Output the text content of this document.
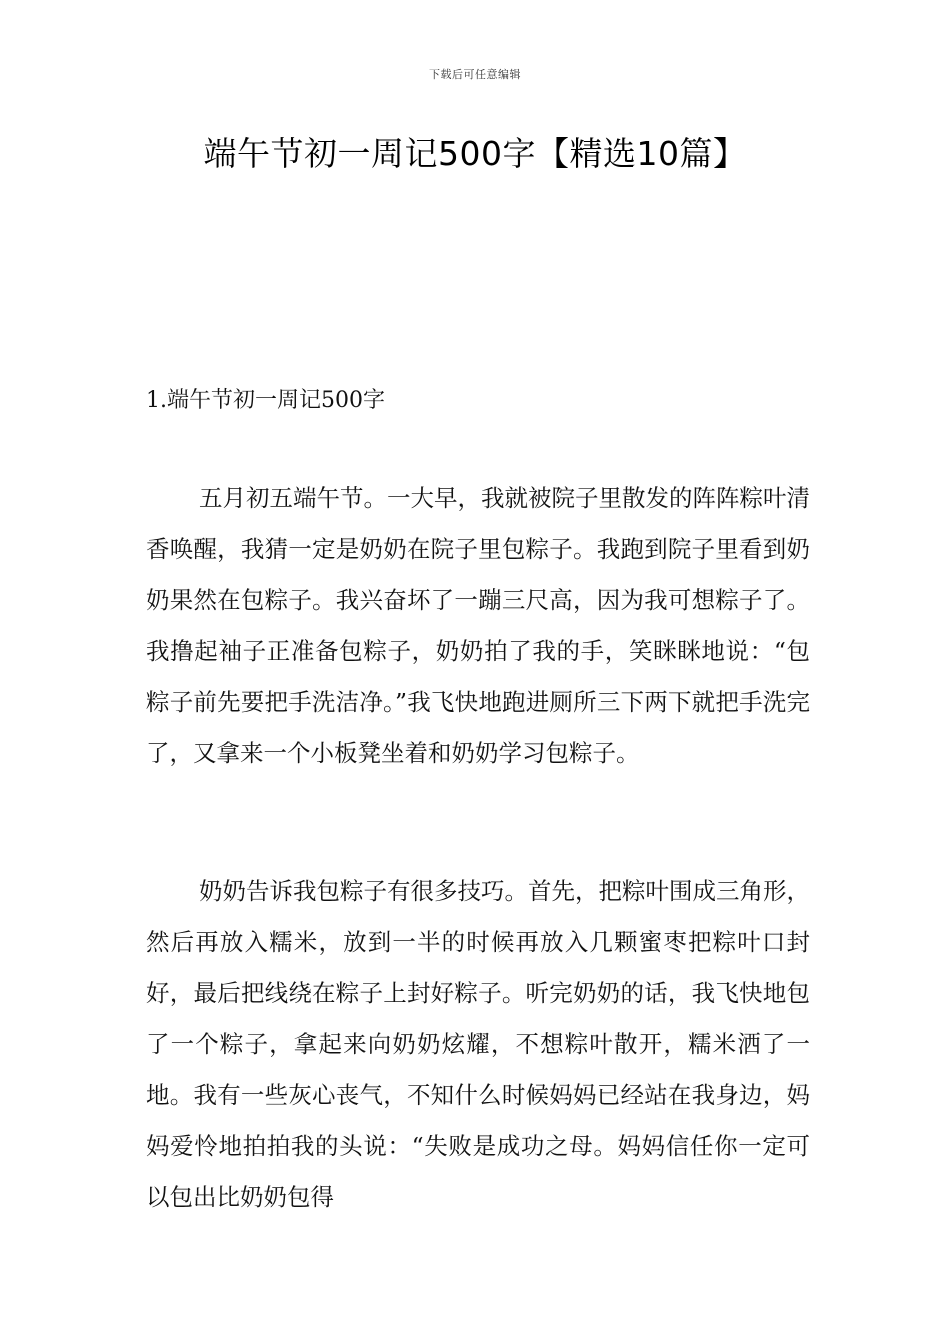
下载后可任意编辑
端午节初一周记500字【精选10篇】
1.端午节初一周记500字

五月初五端午节。一大早，我就被院子里散发的阵阵粽叶清香唤醒，我猜一定是奶奶在院子里包粽子。我跑到院子里看到奶奶果然在包粽子。我兴奋坏了一蹦三尺高，因为我可想粽子了。我撸起袖子正准备包粽子，奶奶拍了我的手，笑眯眯地说：“包粽子前先要把手洗洁净。”我飞快地跑进厕所三下两下就把手洗完了，又拿来一个小板凳坐着和奶奶学习包粽子。

奶奶告诉我包粽子有很多技巧。首先，把粽叶围成三角形，然后再放入糯米，放到一半的时候再放入几颗蜜枣把粽叶口封好，最后把线绕在粽子上封好粽子。听完奶奶的话，我飞快地包了一个粽子，拿起来向奶奶炫耀，不想粽叶散开，糯米洒了一地。我有一些灰心丧气，不知什么时候妈妈已经站在我身边，妈妈爱怜地拍拍我的头说：“失败是成功之母。妈妈信任你一定可以包出比奶奶包得
